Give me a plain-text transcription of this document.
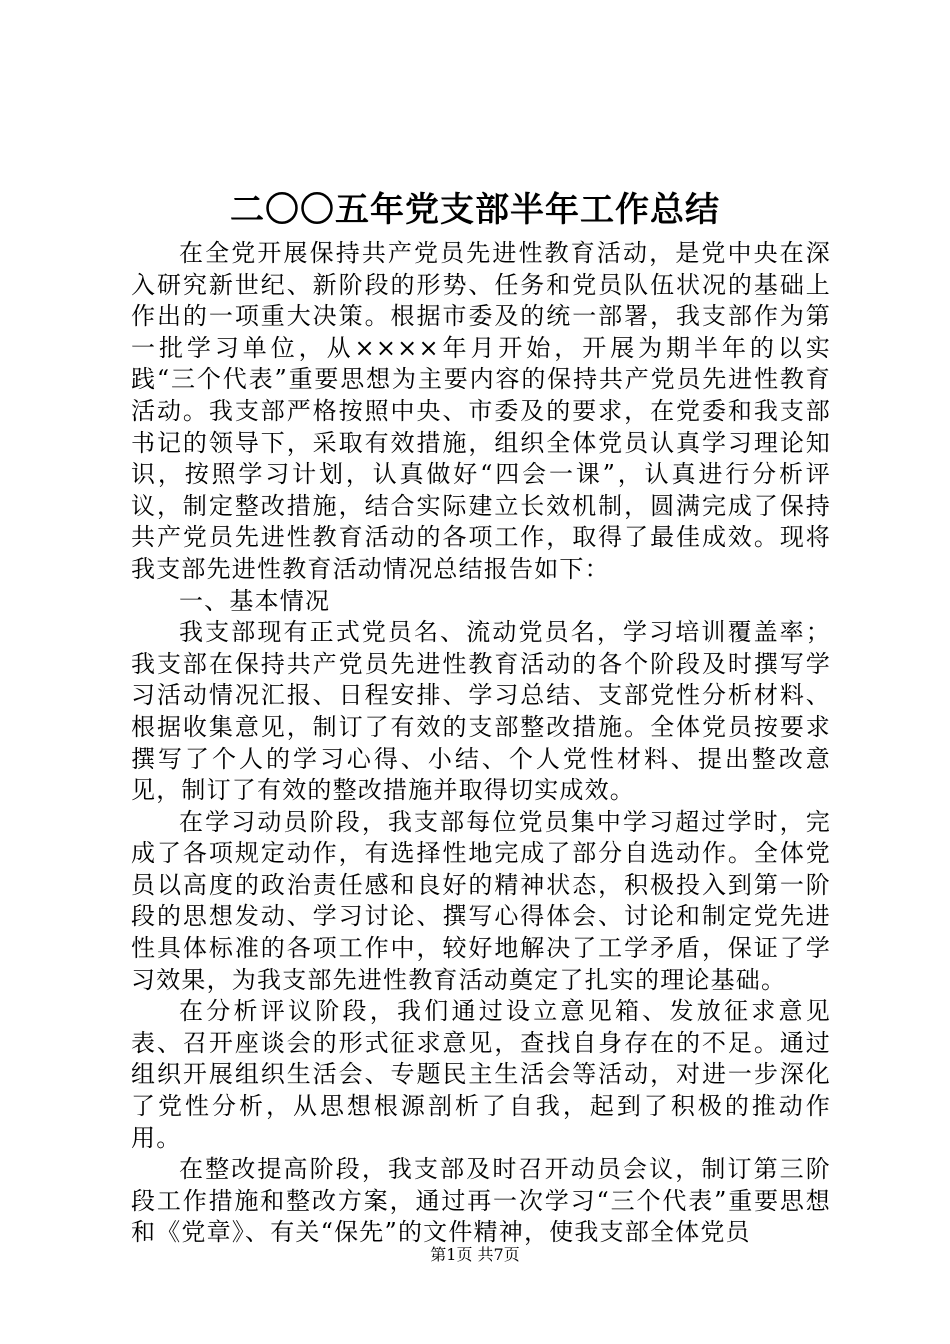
二〇〇五年党支部半年工作总结

在全党开展保持共产党员先进性教育活动，是党中央在深入研究新世纪、新阶段的形势、任务和党员队伍状况的基础上作出的一项重大决策。根据市委及的统一部署，我支部作为第一批学习单位，从××××年月开始，开展为期半年的以实践“三个代表”重要思想为主要内容的保持共产党员先进性教育活动。我支部严格按照中央、市委及的要求，在党委和我支部书记的领导下，采取有效措施，组织全体党员认真学习理论知识，按照学习计划，认真做好“四会一课”，认真进行分析评议，制定整改措施，结合实际建立长效机制，圆满完成了保持共产党员先进性教育活动的各项工作，取得了最佳成效。现将我支部先进性教育活动情况总结报告如下：

一、基本情况

我支部现有正式党员名、流动党员名，学习培训覆盖率；我支部在保持共产党员先进性教育活动的各个阶段及时撰写学习活动情况汇报、日程安排、学习总结、支部党性分析材料、根据收集意见，制订了有效的支部整改措施。全体党员按要求撰写了个人的学习心得、小结、个人党性材料、提出整改意见，制订了有效的整改措施并取得切实成效。

在学习动员阶段，我支部每位党员集中学习超过学时，完成了各项规定动作，有选择性地完成了部分自选动作。全体党员以高度的政治责任感和良好的精神状态，积极投入到第一阶段的思想发动、学习讨论、撰写心得体会、讨论和制定党先进性具体标准的各项工作中，较好地解决了工学矛盾，保证了学习效果，为我支部先进性教育活动奠定了扎实的理论基础。

在分析评议阶段，我们通过设立意见箱、发放征求意见表、召开座谈会的形式征求意见，查找自身存在的不足。通过组织开展组织生活会、专题民主生活会等活动，对进一步深化了党性分析，从思想根源剖析了自我，起到了积极的推动作用。

在整改提高阶段，我支部及时召开动员会议，制订第三阶段工作措施和整改方案，通过再一次学习“三个代表”重要思想和《党章》、有关“保先”的文件精神，使我支部全体党员

第1页 共7页
